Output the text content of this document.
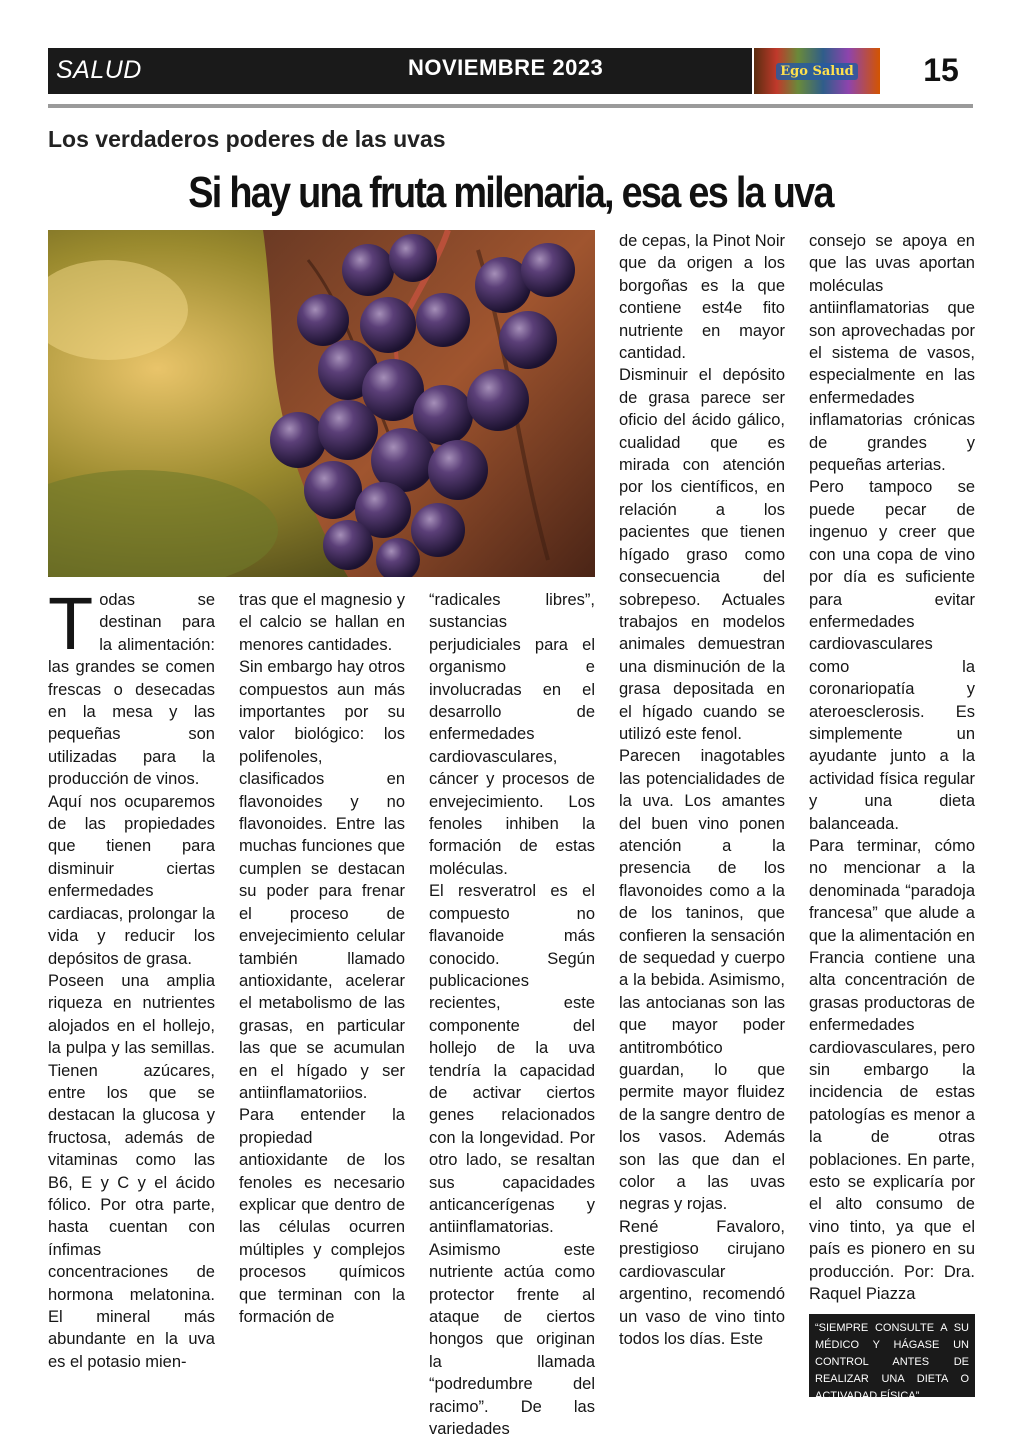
SALUD	NOVIEMBRE 2023	Ego Salud	15
Los verdaderos poderes de las uvas
Si hay una fruta milenaria, esa es la uva
T odas se destinan para la alimentación: las grandes se comen frescas o desecadas en la mesa y las pequeñas son utilizadas para la producción de vinos.

Aquí nos ocuparemos de las propiedades que tienen para disminuir ciertas enfermedades cardiacas, prolongar la vida y reducir los depósitos de grasa.

Poseen una amplia riqueza en nutrientes alojados en el hollejo, la pulpa y las semillas. Tienen azúcares, entre los que se destacan la glucosa y fructosa, además de vitaminas como las B6, E y C y el ácido fólico. Por otra parte, hasta cuentan con ínfimas concentraciones de hormona melatonina. El mineral más abundante en la uva es el potasio mien-

tras que el magnesio y el calcio se hallan en menores cantidades.

Sin embargo hay otros compuestos aun más importantes por su valor biológico: los polifenoles, clasificados en flavonoides y no flavonoides. Entre las muchas funciones que cumplen se destacan su poder para frenar el proceso de envejecimiento celular también llamado antioxidante, acelerar el metabolismo de las grasas, en particular las que se acumulan en el hígado y ser antiinflamatoriios.

Para entender la propiedad antioxidante de los fenoles es necesario explicar que dentro de las células ocurren múltiples y complejos procesos químicos que terminan con la formación de

“radicales libres”, sustancias perjudiciales para el organismo e involucradas en el desarrollo de enfermedades cardiovasculares, cáncer y procesos de envejecimiento. Los fenoles inhiben la formación de estas moléculas.

El resveratrol es el compuesto no flavanoide más conocido. Según publicaciones recientes, este componente del hollejo de la uva tendría la capacidad de activar ciertos genes relacionados con la longevidad. Por otro lado, se resaltan sus capacidades anticancerígenas y antiinflamatorias.

Asimismo este nutriente actúa como protector frente al ataque de ciertos hongos que originan la llamada “podredumbre del racimo”. De las variedades

de cepas, la Pinot Noir que da origen a los borgoñas es la que contiene est4e fito nutriente en mayor cantidad.

Disminuir el depósito de grasa parece ser oficio del ácido gálico, cualidad que es mirada con atención por los científicos, en relación a los pacientes que tienen hígado graso como consecuencia del sobrepeso. Actuales trabajos en modelos animales demuestran una disminución de la grasa depositada en el hígado cuando se utilizó este fenol.

Parecen inagotables las potencialidades de la uva. Los amantes del buen vino ponen atención a la presencia de los flavonoides como a la de los taninos, que confieren la sensación de sequedad y cuerpo a la bebida. Asimismo, las antocianas son las que mayor poder antitrombótico guardan, lo que permite mayor fluidez de la sangre dentro de los vasos. Además son las que dan el color a las uvas negras y rojas.

René Favaloro, prestigioso cirujano cardiovascular argentino, recomendó un vaso de vino tinto todos los días. Este

consejo se apoya en que las uvas aportan moléculas antiinflamatorias que son aprovechadas por el sistema de vasos, especialmente en las enfermedades inflamatorias crónicas de grandes y pequeñas arterias.

Pero tampoco se puede pecar de ingenuo y creer que con una copa de vino por día es suficiente para evitar enfermedades cardiovasculares como la coronariopatía y ateroesclerosis. Es simplemente un ayudante junto a la actividad física regular y una dieta balanceada.

Para terminar, cómo no mencionar a la denominada “paradoja francesa” que alude a que la alimentación en Francia contiene una alta concentración de grasas productoras de enfermedades cardiovasculares, pero sin embargo la incidencia de estas patologías es menor a la de otras poblaciones. En parte, esto se explicaría por el alto consumo de vino tinto, ya que el país es pionero en su producción. Por: Dra. Raquel Piazza

“SIEMPRE CONSULTE A SU MÉDICO Y HÁGASE UN CONTROL ANTES DE REALIZAR UNA DIETA O ACTIVADAD FÍSICA”
